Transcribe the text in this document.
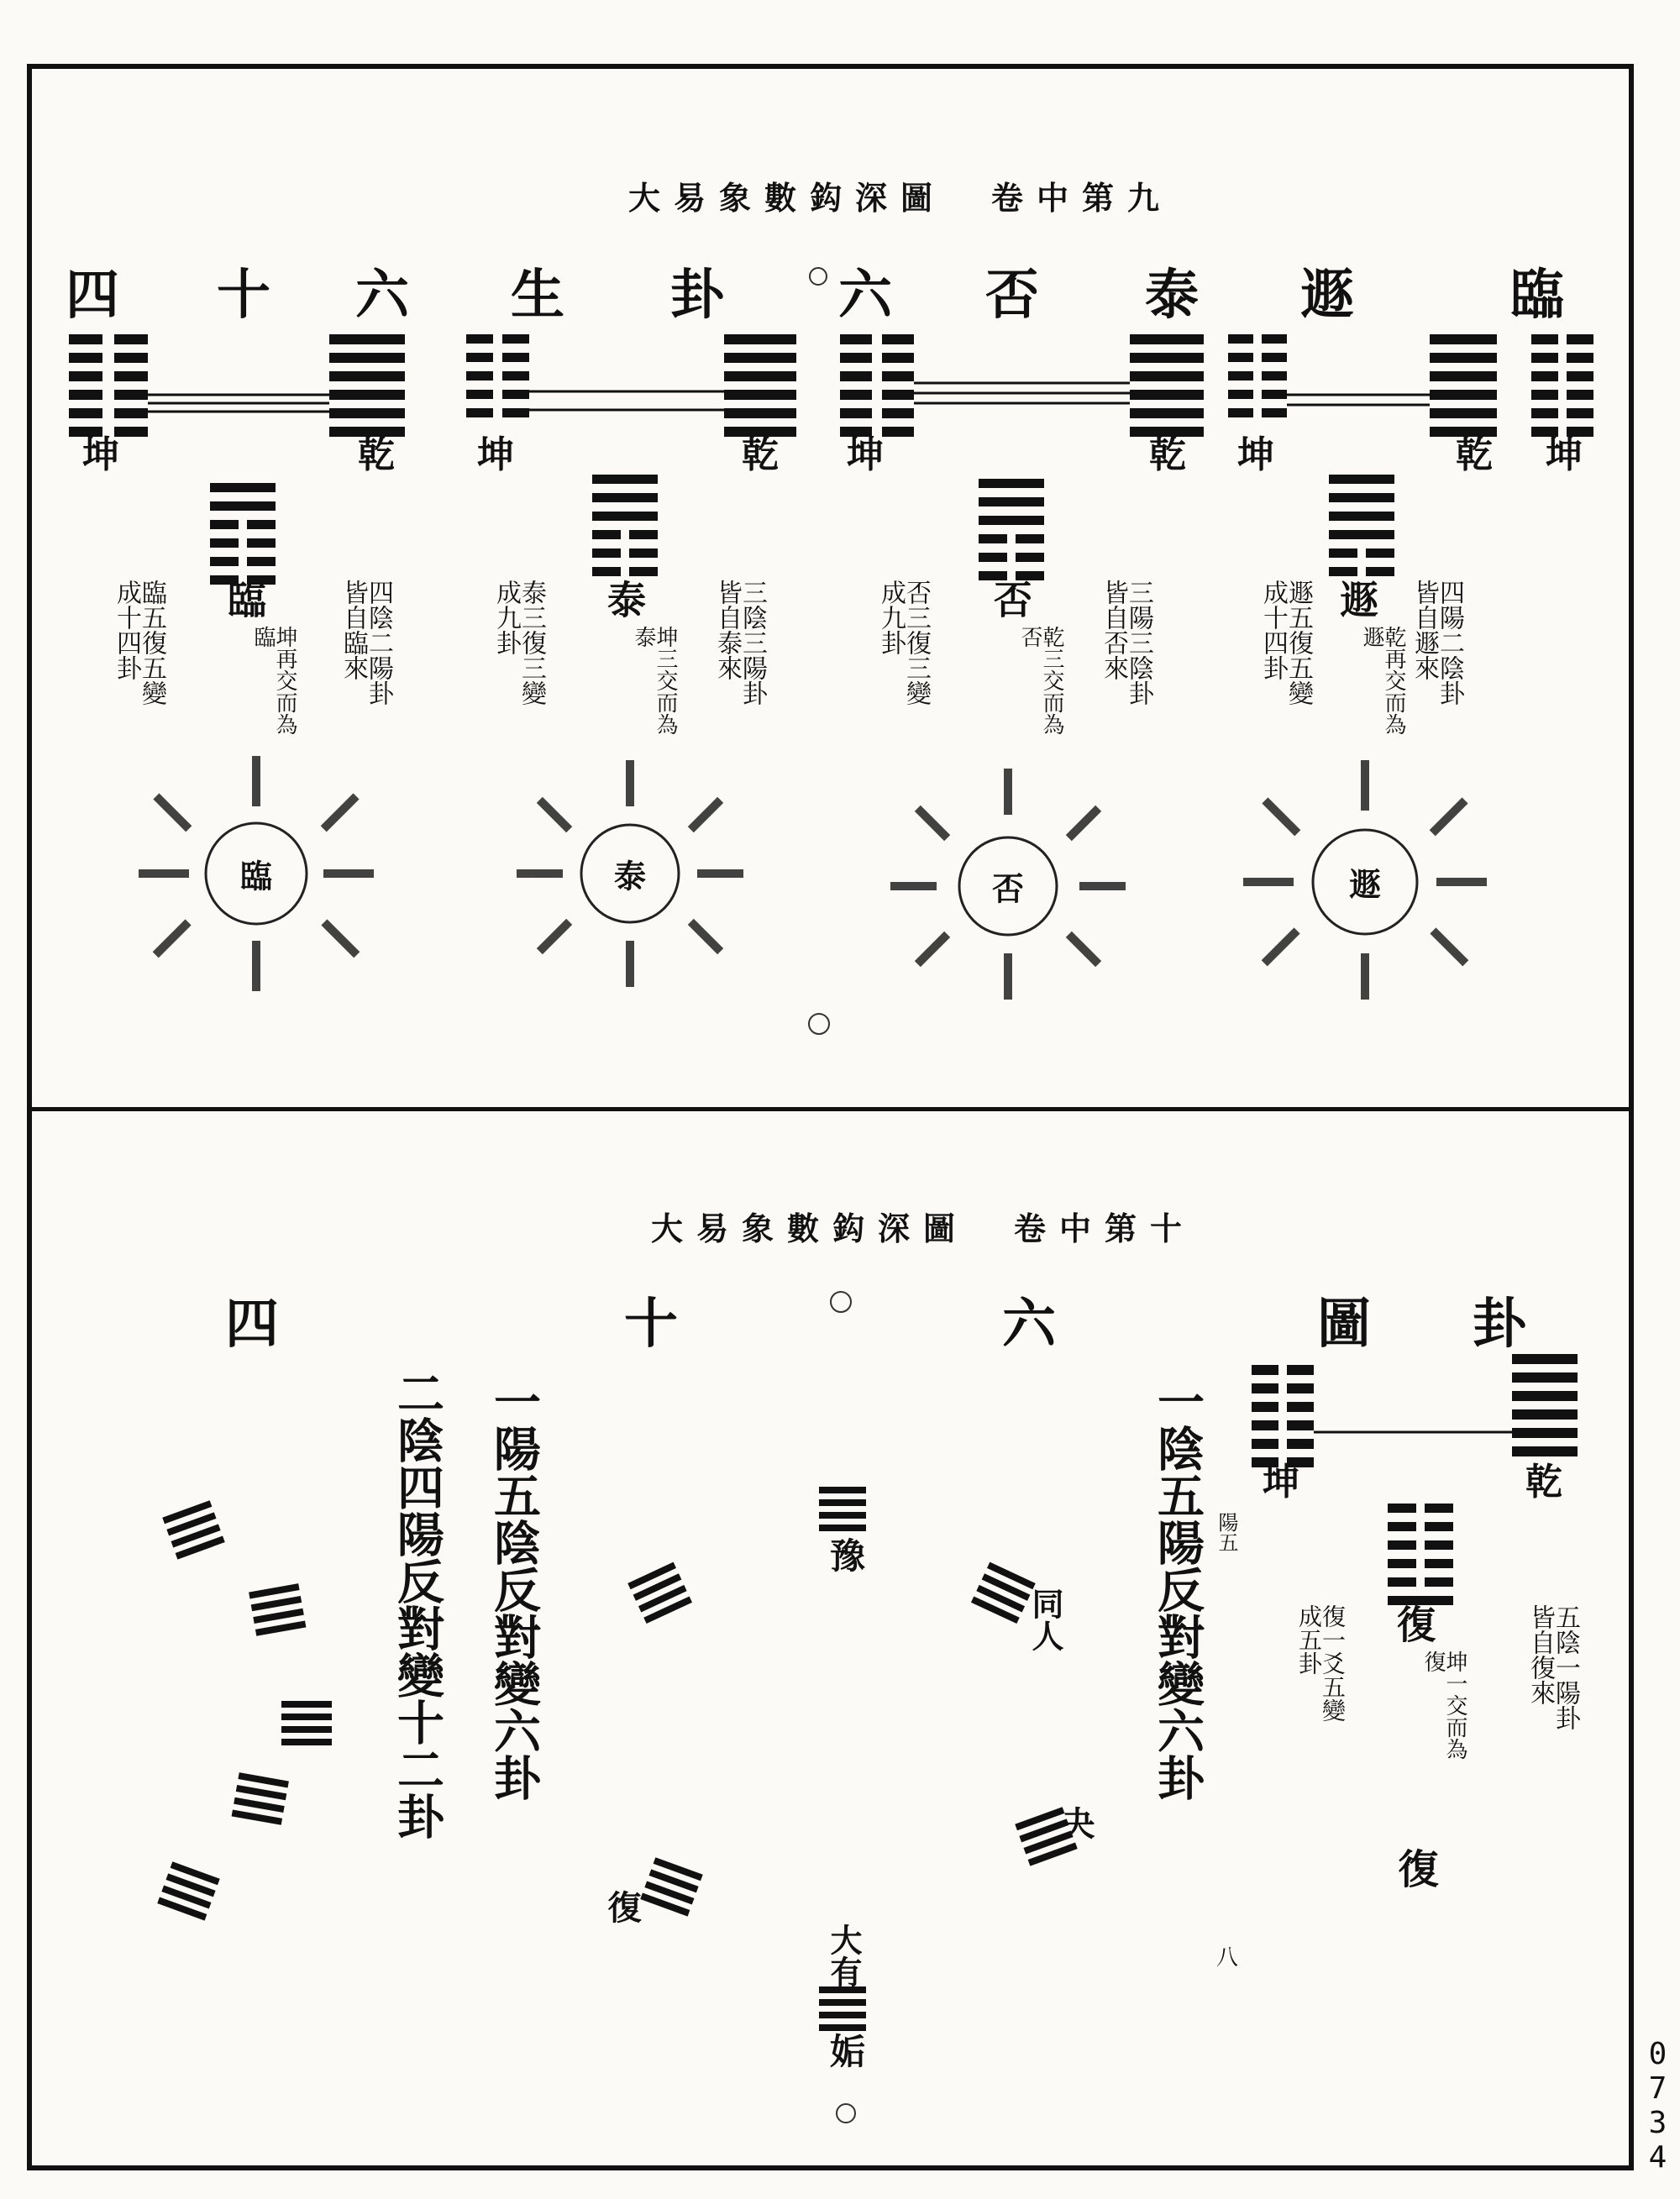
大易象數鈎深圖　卷中第九
四 十 六 生 卦 六 否 泰 遯	臨
坤	乾 坤	乾 坤	乾 坤	乾 坤
四陰二陽卦皆自臨來
臨
坤再交而為臨
臨五復五變成十四卦	三陰三陽卦皆自泰來
泰
坤三交而為泰
泰三復三變成九卦	三陽三陰卦皆自否來
否
乾三交而為否
否三復三變成九卦	四陽二陰卦皆自遯來
遯
乾再交而為遯
遯五復五變成十四卦
臨	泰	否	遯
大易象數鈎深圖　卷中第十
四	十	六	卦
圖
坤	乾
五陰一陽卦皆自復來
復
坤一交而為復
復一爻五變成五卦
復
一陰五陽反對變六卦 陽五
一陽五陰反對變六卦
二陰四陽反對變十二卦
八
豫
姤
復
同人
夬
大有
0734
